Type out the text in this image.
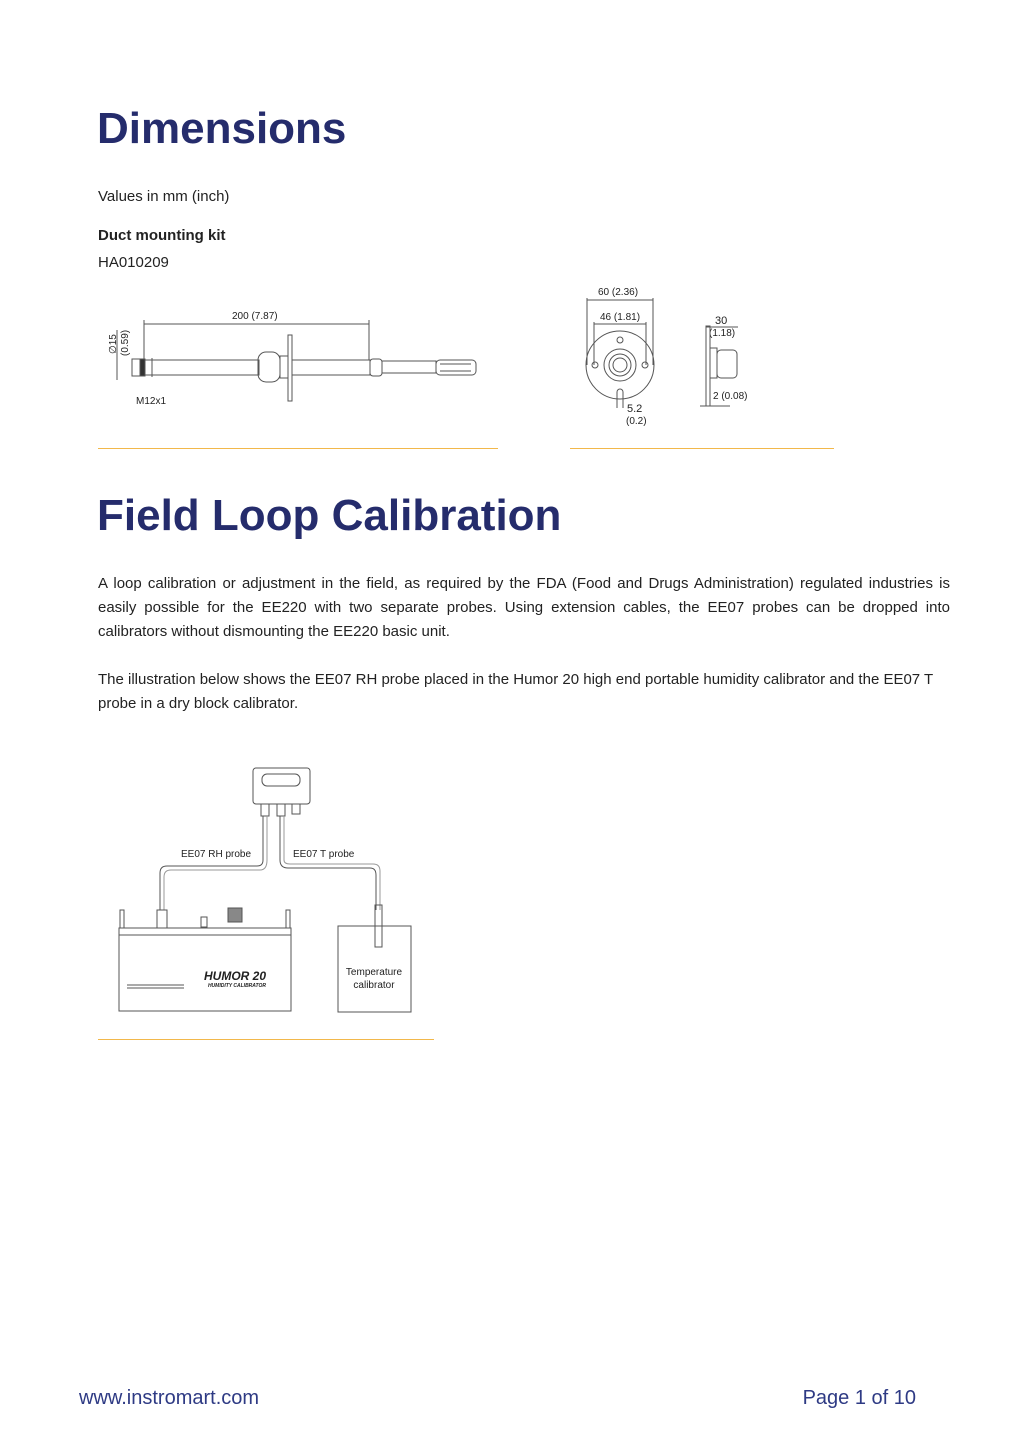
Dimensions
Values in mm (inch)
Duct mounting kit
HA010209
200 (7.87)
∅15 (0.59)
M12x1
60 (2.36)
46 (1.81)
5.2
(0.2)
30
(1.18)
2 (0.08)
Field Loop Calibration
A loop calibration or adjustment in the field, as required by the FDA (Food and Drugs Administration) regulated industries is easily possible for the EE220 with two separate probes. Using extension cables, the EE07 probes can be dropped into calibrators without dismounting the EE220 basic unit.
The illustration below shows the EE07 RH probe placed in the Humor 20 high end portable humidity calibrator and the EE07 T probe in a dry block calibrator.
EE07 RH probe	EE07 T probe
HUMOR 20
HUMIDITY CALIBRATOR
Temperature
calibrator
www.instromart.com	Page 1 of 10
